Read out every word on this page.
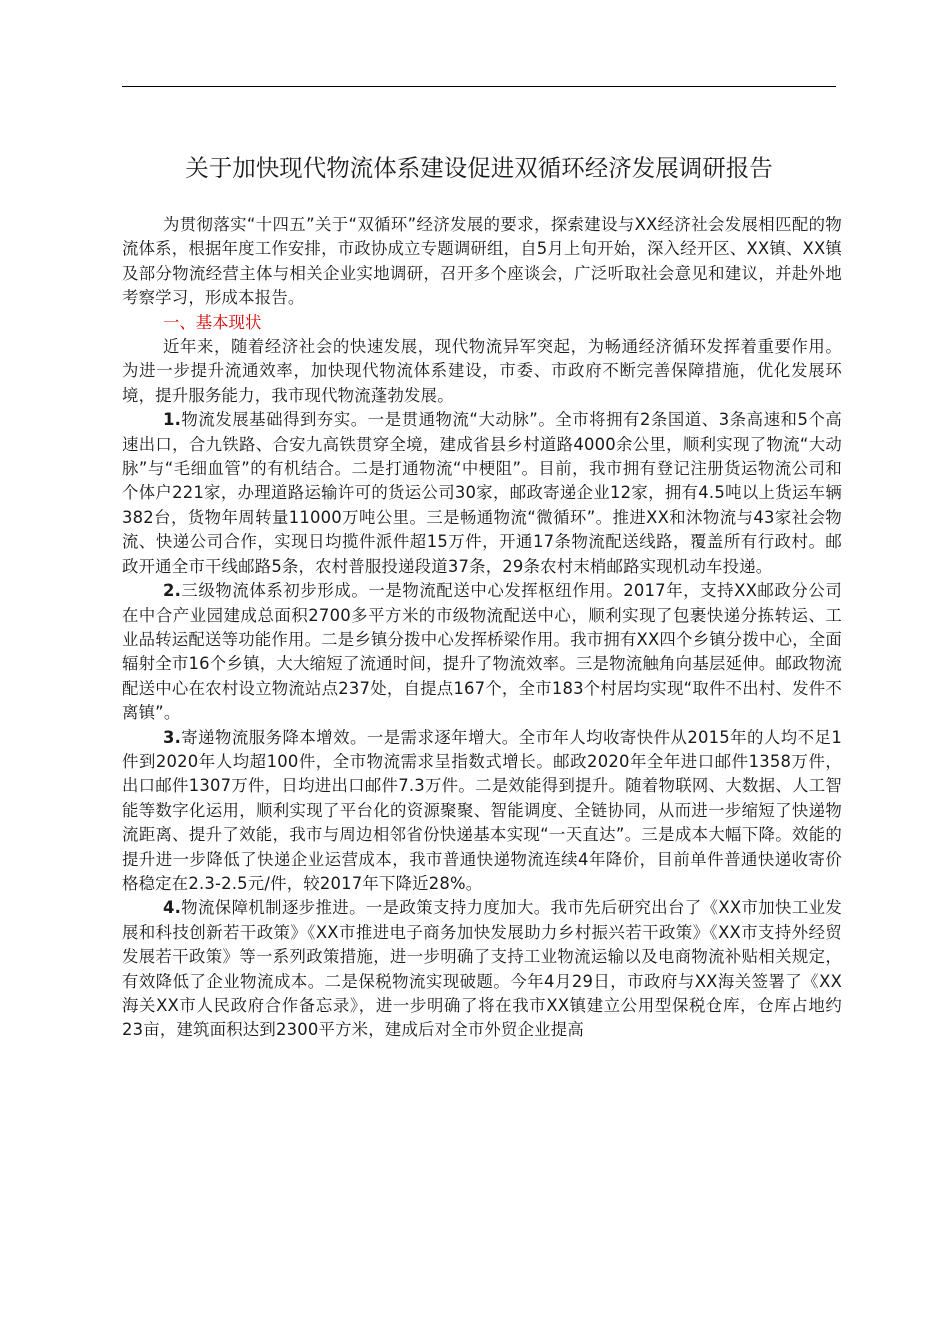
关于加快现代物流体系建设促进双循环经济发展调研报告

为贯彻落实“十四五”关于“双循环”经济发展的要求，探索建设与XX经济社会发展相匹配的物流体系，根据年度工作安排，市政协成立专题调研组，自5月上旬开始，深入经开区、XX镇、XX镇及部分物流经营主体与相关企业实地调研，召开多个座谈会，广泛听取社会意见和建议，并赴外地考察学习，形成本报告。

一、基本现状

近年来，随着经济社会的快速发展，现代物流异军突起，为畅通经济循环发挥着重要作用。为进一步提升流通效率，加快现代物流体系建设，市委、市政府不断完善保障措施，优化发展环境，提升服务能力，我市现代物流蓬勃发展。

1.物流发展基础得到夯实。一是贯通物流“大动脉”。全市将拥有2条国道、3条高速和5个高速出口，合九铁路、合安九高铁贯穿全境，建成省县乡村道路4000余公里，顺利实现了物流“大动脉”与“毛细血管”的有机结合。二是打通物流“中梗阻”。目前，我市拥有登记注册货运物流公司和个体户221家，办理道路运输许可的货运公司30家，邮政寄递企业12家，拥有4.5吨以上货运车辆382台，货物年周转量11000万吨公里。三是畅通物流“微循环”。推进XX和沐物流与43家社会物流、快递公司合作，实现日均揽件派件超15万件，开通17条物流配送线路，覆盖所有行政村。邮政开通全市干线邮路5条，农村普服投递段道37条，29条农村末梢邮路实现机动车投递。

2.三级物流体系初步形成。一是物流配送中心发挥枢纽作用。2017年，支持XX邮政分公司在中合产业园建成总面积2700多平方米的市级物流配送中心，顺利实现了包裹快递分拣转运、工业品转运配送等功能作用。二是乡镇分拨中心发挥桥梁作用。我市拥有XX四个乡镇分拨中心，全面辐射全市16个乡镇，大大缩短了流通时间，提升了物流效率。三是物流触角向基层延伸。邮政物流配送中心在农村设立物流站点237处，自提点167个，全市183个村居均实现“取件不出村、发件不离镇”。

3.寄递物流服务降本增效。一是需求逐年增大。全市年人均收寄快件从2015年的人均不足1件到2020年人均超100件，全市物流需求呈指数式增长。邮政2020年全年进口邮件1358万件，出口邮件1307万件，日均进出口邮件7.3万件。二是效能得到提升。随着物联网、大数据、人工智能等数字化运用，顺利实现了平台化的资源聚聚、智能调度、全链协同，从而进一步缩短了快递物流距离、提升了效能，我市与周边相邻省份快递基本实现“一天直达”。三是成本大幅下降。效能的提升进一步降低了快递企业运营成本，我市普通快递物流连续4年降价，目前单件普通快递收寄价格稳定在2.3-2.5元/件，较2017年下降近28%。

4.物流保障机制逐步推进。一是政策支持力度加大。我市先后研究出台了《XX市加快工业发展和科技创新若干政策》《XX市推进电子商务加快发展助力乡村振兴若干政策》《XX市支持外经贸发展若干政策》等一系列政策措施，进一步明确了支持工业物流运输以及电商物流补贴相关规定，有效降低了企业物流成本。二是保税物流实现破题。今年4月29日，市政府与XX海关签署了《XX海关XX市人民政府合作备忘录》，进一步明确了将在我市XX镇建立公用型保税仓库，仓库占地约23亩，建筑面积达到2300平方米，建成后对全市外贸企业提高
